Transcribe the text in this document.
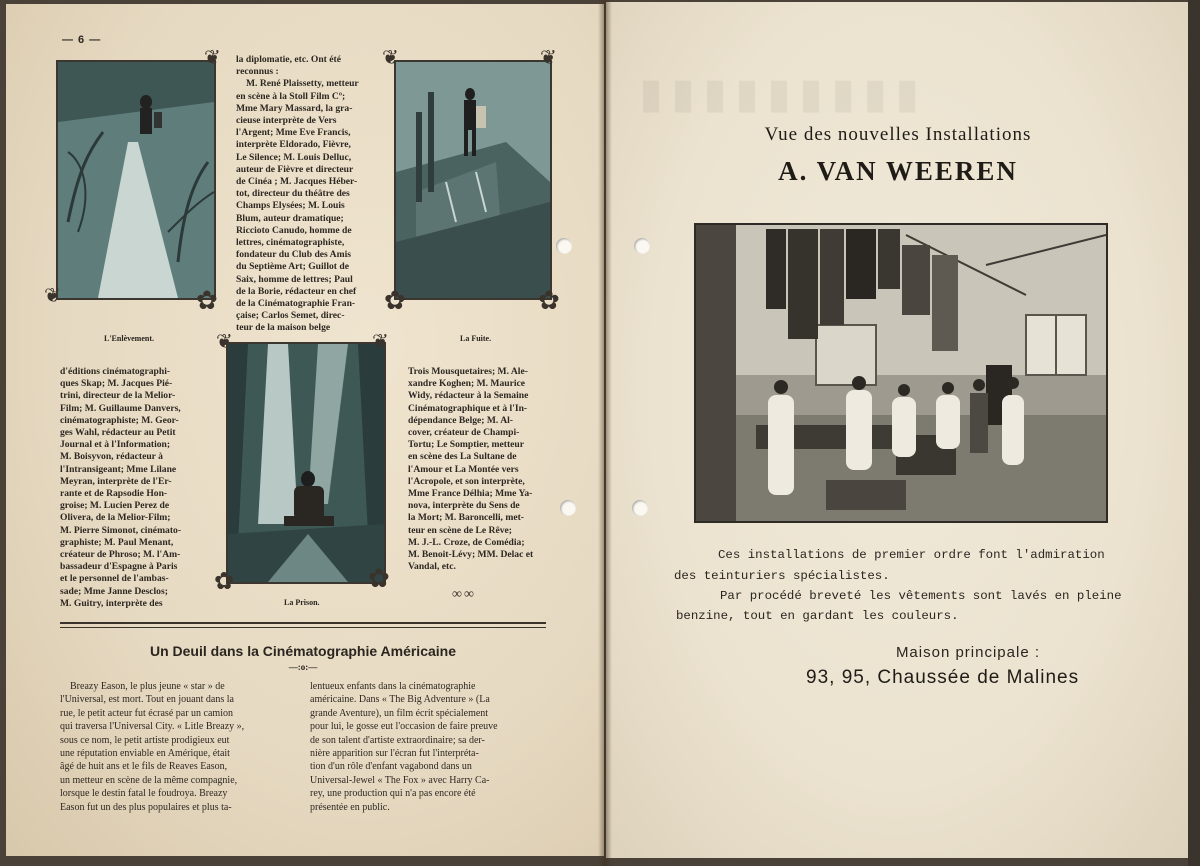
— 6 —
❦
❦	✿
L'Enlèvement.
la diplomatie, etc. Ont été
reconnus :
M. René Plaissetty, metteur
en scène à la Stoll Film Cº;
Mme Mary Massard, la gra-
cieuse interprète de Vers
l'Argent; Mme Eve Francis,
interprète Eldorado, Fièvre,
Le Silence; M. Louis Delluc,
auteur de Fièvre et directeur
de Cinéa ; M. Jacques Héber-
tot, directeur du théâtre des
Champs Elysées; M. Louis
Blum, auteur dramatique;
Riccioto Canudo, homme de
lettres, cinématographiste,
fondateur du Club des Amis
du Septième Art; Guillot de
Saix, homme de lettres; Paul
de la Borie, rédacteur en chef
de la Cinématographie Fran-
çaise; Carlos Semet, direc-
teur de la maison belge
❦	❦
✿	✿
La Fuite.
d'éditions cinématographi-
ques Skap; M. Jacques Pié-
trini, directeur de la Melior-
Film; M. Guillaume Danvers,
cinématographiste; M. Geor-
ges Wahl, rédacteur au Petit
Journal et à l'Information;
M. Boisyvon, rédacteur à
l'Intransigeant; Mme Lilane
Meyran, interprète de l'Er-
rante et de Rapsodie Hon-
groise; M. Lucien Perez de
Olivera, de la Melior-Film;
M. Pierre Simonot, cinémato-
graphiste; M. Paul Menant,
créateur de Phroso; M. l'Am-
bassadeur d'Espagne à Paris
et le personnel de l'ambas-
sade; Mme Janne Desclos;
M. Guitry, interprète des
❦	❦
✿	✿
La Prison.
Trois Mousquetaires; M. Ale-
xandre Koghen; M. Maurice
Widy, rédacteur à la Semaine
Cinématographique et à l'In-
dépendance Belge; M. Al-
cover, créateur de Champi-
Tortu; Le Somptier, metteur
en scène des La Sultane de
l'Amour et La Montée vers
l'Acropole, et son interprète,
Mme France Délhia; Mme Ya-
nova, interprète du Sens de
la Mort; M. Baroncelli, met-
teur en scène de Le Rêve;
M. J.-L. Croze, de Comédia;
M. Benoit-Lévy; MM. Delac et
Vandal, etc.
∞∞
Un Deuil dans la Cinématographie Américaine
—:o:—
Breazy Eason, le plus jeune « star » de
l'Universal, est mort. Tout en jouant dans la
rue, le petit acteur fut écrasé par un camion
qui traversa l'Universal City. « Litle Breazy »,
sous ce nom, le petit artiste prodigieux eut
une réputation enviable en Amérique, était
âgé de huit ans et le fils de Reaves Eason,
un metteur en scène de la même compagnie,
lorsque le destin fatal le foudroya. Breazy
Eason fut un des plus populaires et plus ta-
lentueux enfants dans la cinématographie
américaine. Dans « The Big Adventure » (La
grande Aventure), un film écrit spécialement
pour lui, le gosse eut l'occasion de faire preuve
de son talent d'artiste extraordinaire; sa der-
nière apparition sur l'écran fut l'interpréta-
tion d'un rôle d'enfant vagabond dans un
Universal-Jewel « The Fox » avec Harry Ca-
rey, une production qui n'a pas encore été
présentée en public.
▮▮▮▮▮▮▮▮▮
Vue des nouvelles Installations
A. VAN WEEREN
Ces installations de premier ordre font l'admiration
des teinturiers spécialistes.
Par procédé breveté les vêtements sont lavés en pleine
benzine, tout en gardant les couleurs.
Maison principale :
93, 95, Chaussée de Malines
